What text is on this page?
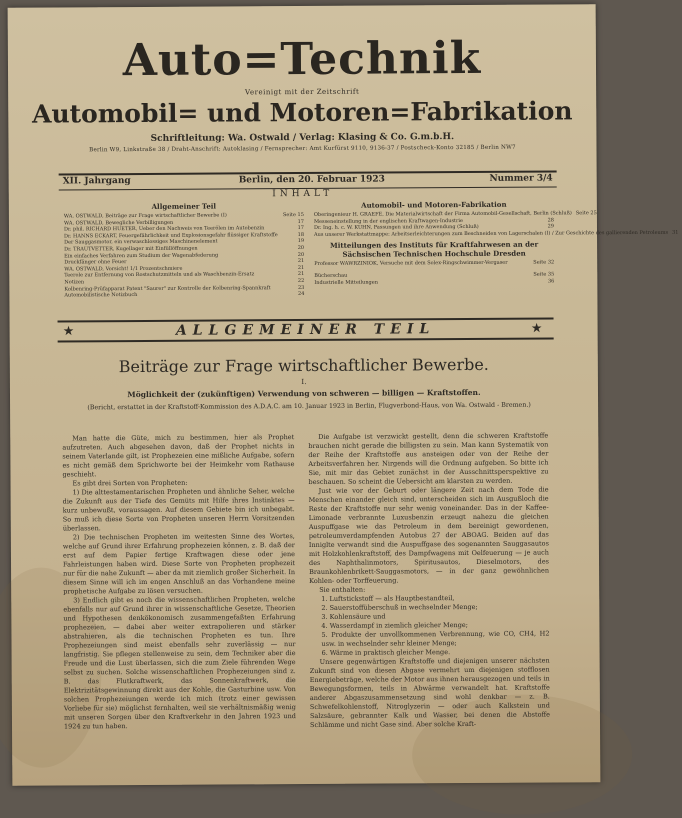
Auto=Technik
Vereinigt mit der Zeitschrift
Automobil= und Motoren=Fabrikation
Schriftleitung: Wa. Ostwald / Verlag: Klasing & Co. G.m.b.H.
Berlin W9, Linkstraße 38 / Draht-Anschrift: Autoklasing / Fernsprecher: Amt Kurfürst 9110, 9136-37 / Postscheck-Konto 32185 / Berlin NW7
XII. Jahrgang	Berlin, den 20. Februar 1923	Nummer 3/4
INHALT
Allgemeiner Teil
WA. OSTWALD, Beiträge zur Frage wirtschaftlicher Bewerbe (I)	Seite 15
WA. OSTWALD, Bewegliche Verbilligungen	17
Dr. phil. RICHARD HUETER, Ueber den Nachweis von Teerölen im Autobenzin	17
Dr. HANNS ECKART, Feuergefährlichkeit und Explosionsgefahr flüssiger Kraftstoffe	18
Der Sauggasmotor, ein verwaschlossiges Maschinenelement	19
Dr. TRAUTVETTER, Kugellager mit Einfüllöffnungen	20
Ein einfaches Verfahren zum Studium der Wagenabfederung	20
Druckfänger ohne Feuer	21
WA. OSTWALD, Vorsicht! 1/1 Prozentschmiere	21
Teerole zur Entfernung von Rostschutzmitteln und als Waschbenzin-Ersatz	21
Notizen	22
Kolbenring-Prüfapparat Patent "Saurer" zur Kontrolle der Kolbenring-Spannkraft	23
Automobilistische Notizbuch	24
Automobil- und Motoren-Fabrikation
Oberingenieur H. GRAEFE, Die Materialwirtschaft der Firma Automobil-Gesellschaft, Berlin (Schluß) Seite 25
Messeneinstellung in der englischen Kraftwagen-Industrie	28
Dr. Ing. h. c. W. KUHN, Passungen und ihre Anwendung (Schluß)	29
Aus unserer Werkstattmappe: Arbeitserleichterungen zum Beschneiden von Lagerschalen (I) / Zur Geschichte des gallierenden Petroleums 31
Mitteilungen des Instituts für Kraftfahrwesen an der Sächsischen Technischen Hochschule Dresden
Professor WAWRZINIOK, Versuche mit dem Solex-Ringschwimmer-Vergaser	Seite 32
Bücherschau	Seite 35
Industrielle Mitteilungen	36
★	ALLGEMEINER TEIL	★
Beiträge zur Frage wirtschaftlicher Bewerbe.
I.
Möglichkeit der (zukünftigen) Verwendung von schweren — billigen — Kraftstoffen.
(Bericht, erstattet in der Kraftstoff-Kommission des A.D.A.C. am 10. Januar 1923 in Berlin, Flugverbond-Haus, von Wa. Ostwald - Bremen.)

Man hatte die Güte, mich zu bestimmen, hier als Prophet aufzutreten. Auch abgesehen davon, daß der Prophet nichts in seinem Vaterlande gilt, ist Prophezeien eine mißliche Aufgabe, sofern es nicht gemäß dem Sprichworte bei der Heimkehr vom Rathause geschieht.

Es gibt drei Sorten von Propheten:

1) Die alttestamentarischen Propheten und ähnliche Seher, welche die Zukunft aus der Tiefe des Gemüts mit Hilfe ihres Instinktes — kurz unbewußt, voraussagen. Auf diesem Gebiete bin ich unbegabt. So muß ich diese Sorte von Propheten unseren Herrn Vorsitzenden überlassen.

2) Die technischen Propheten im weitesten Sinne des Wortes, welche auf Grund ihrer Erfahrung prophezeien können, z. B. daß der erst auf dem Papier fertige Kraftwagen diese oder jene Fahrleistungen haben wird. Diese Sorte von Propheten prophezeit nur für die nahe Zukunft — aber da mit ziemlich großer Sicherheit. In diesem Sinne will ich im engen Anschluß an das Vorhandene meine prophetische Aufgabe zu lösen versuchen.

3) Endlich gibt es noch die wissenschaftlichen Propheten, welche ebenfalls nur auf Grund ihrer in wissenschaftliche Gesetze, Theorien und Hypothesen denkökonomisch zusammengefaßten Erfahrung prophezeien, — dabei aber weiter extrapolieren und stärker abstrahieren, als die technischen Propheten es tun. Ihre Prophezeiungen sind meist ebenfalls sehr zuverlässig — nur langfristig. Sie pflegen stellenweise zu sein, dem Techniker aber die Freude und die Lust überlassen, sich die zum Ziele führenden Wege selbst zu suchen. Solche wissenschaftlichen Prophezeiungen sind z. B. das Flutkraftwerk, das Sonnenkraftwerk, die Elektrizitätsgewinnung direkt aus der Kohle, die Gasturbine usw. Von solchen Prophezeiungen werde ich mich (trotz einer gewissen Vorliebe für sie) möglichst fernhalten, weil sie verhältnismäßig wenig mit unseren Sorgen über den Kraftverkehr in den Jahren 1923 und 1924 zu tun haben.

Die Aufgabe ist verzwickt gestellt, denn die schweren Kraftstoffe brauchen nicht gerade die billigsten zu sein. Man kann Systematik von der Reihe der Kraftstoffe aus ansteigen oder von der Reihe der Arbeitsverfahren her. Nirgends will die Ordnung aufgeben. So bitte ich Sie, mit mir das Gebiet zunächst in der Ausschnittsperspektive zu beschauen. So scheint die Uebersicht am klarsten zu werden.

Just wie vor der Geburt oder längere Zeit nach dem Tode die Menschen einander gleich sind, unterscheiden sich im Ausgußloch die Reste der Kraftstoffe nur sehr wenig voneinander. Das in der Kaffee-Limonade verbrannte Luxusbenzin erzeugt nahezu die gleichen Auspuffgase wie das Petroleum in dem bereinigt gewordenen, petroleumverdampfenden Autobus 27 der ABOAG. Beiden auf das Inniglte verwandt sind die Auspuffgase des sogenannten Sauggasautos mit Holzkohlenkraftstoff, des Dampfwagens mit Oelfeuerung — je auch des Naphthalinmotors, Spiritusautos, Dieselmotors, des Braunkohlenbrikett-Sauggasmotors, — in der ganz gewöhnlichen Kohlen- oder Torffeuerung.

Sie enthalten:

1. Luftstickstoff — als Hauptbestandteil,

2. Sauerstoffüberschuß in wechselnder Menge;

3. Kohlensäure und

4. Wasserdampf in ziemlich gleicher Menge;

5. Produkte der unvollkommenen Verbrennung, wie CO, CH4, H2 usw. in wechselnder sehr kleiner Menge;

6. Wärme in praktisch gleicher Menge.

Unsere gegenwärtigen Kraftstoffe und diejenigen unserer nächsten Zukunft sind von diesen Abgase vermehrt um diejenigen stofflosen Energiebeträge, welche der Motor aus ihnen herausgezogen und teils in Bewegungsformen, teils in Abwärme verwandelt hat. Kraftstoffe anderer Abgaszusammensetzung sind wohl denkbar — z. B. Schwefelkohlenstoff, Nitroglyzerin — oder auch Kalkstein und Salzsäure, gebrannter Kalk und Wasser, bei denen die Abstoffe Schlämme und nicht Gase sind. Aber solche Kraft-
